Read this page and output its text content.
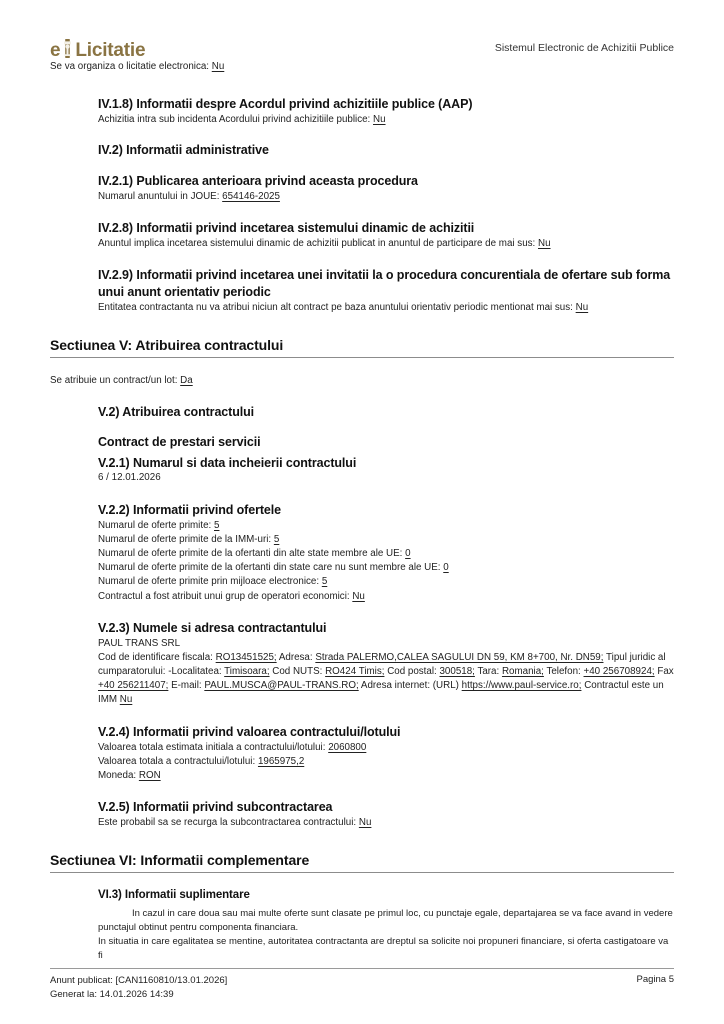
e Licitatie	Sistemul Electronic de Achizitii Publice

Se va organiza o licitatie electronica: Nu

IV.1.8) Informatii despre Acordul privind achizitiile publice (AAP)

Achizitia intra sub incidenta Acordului privind achizitiile publice: Nu

IV.2) Informatii administrative
IV.2.1) Publicarea anterioara privind aceasta procedura

Numarul anuntului in JOUE: 654146-2025

IV.2.8) Informatii privind incetarea sistemului dinamic de achizitii

Anuntul implica incetarea sistemului dinamic de achizitii publicat in anuntul de participare de mai sus: Nu

IV.2.9) Informatii privind incetarea unei invitatii la o procedura concurentiala de ofertare sub forma unui anunt orientativ periodic

Entitatea contractanta nu va atribui niciun alt contract pe baza anuntului orientativ periodic mentionat mai sus: Nu

Sectiunea V: Atribuirea contractului

Se atribuie un contract/un lot: Da

V.2) Atribuirea contractului
Contract de prestari servicii
V.2.1) Numarul si data incheierii contractului

6 / 12.01.2026

V.2.2) Informatii privind ofertele

Numarul de oferte primite: 5

Numarul de oferte primite de la IMM-uri: 5

Numarul de oferte primite de la ofertanti din alte state membre ale UE: 0

Numarul de oferte primite de la ofertanti din state care nu sunt membre ale UE: 0

Numarul de oferte primite prin mijloace electronice: 5

Contractul a fost atribuit unui grup de operatori economici: Nu

V.2.3) Numele si adresa contractantului

PAUL TRANS SRL

Cod de identificare fiscala: RO13451525; Adresa: Strada PALERMO,CALEA SAGULUI DN 59, KM 8+700, Nr. DN59; Tipul juridic al cumparatorului: -Localitatea: Timisoara; Cod NUTS: RO424 Timis; Cod postal: 300518; Tara: Romania; Telefon: +40 256708924; Fax +40 256211407; E-mail: PAUL.MUSCA@PAUL-TRANS.RO; Adresa internet: (URL) https://www.paul-service.ro; Contractul este un IMM Nu

V.2.4) Informatii privind valoarea contractului/lotului

Valoarea totala estimata initiala a contractului/lotului: 2060800

Valoarea totala a contractului/lotului: 1965975,2

Moneda: RON

V.2.5) Informatii privind subcontractarea

Este probabil sa se recurga la subcontractarea contractului: Nu

Sectiunea VI: Informatii complementare
VI.3) Informatii suplimentare

In cazul in care doua sau mai multe oferte sunt clasate pe primul loc, cu punctaje egale, departajarea se va face avand in vedere punctajul obtinut pentru componenta financiara.

In situatia in care egalitatea se mentine, autoritatea contractanta are dreptul sa solicite noi propuneri financiare, si oferta castigatoare va fi

Anunt publicat: [CAN1160810/13.01.2026]
Generat la: 14.01.2026 14:39
Pagina 5
